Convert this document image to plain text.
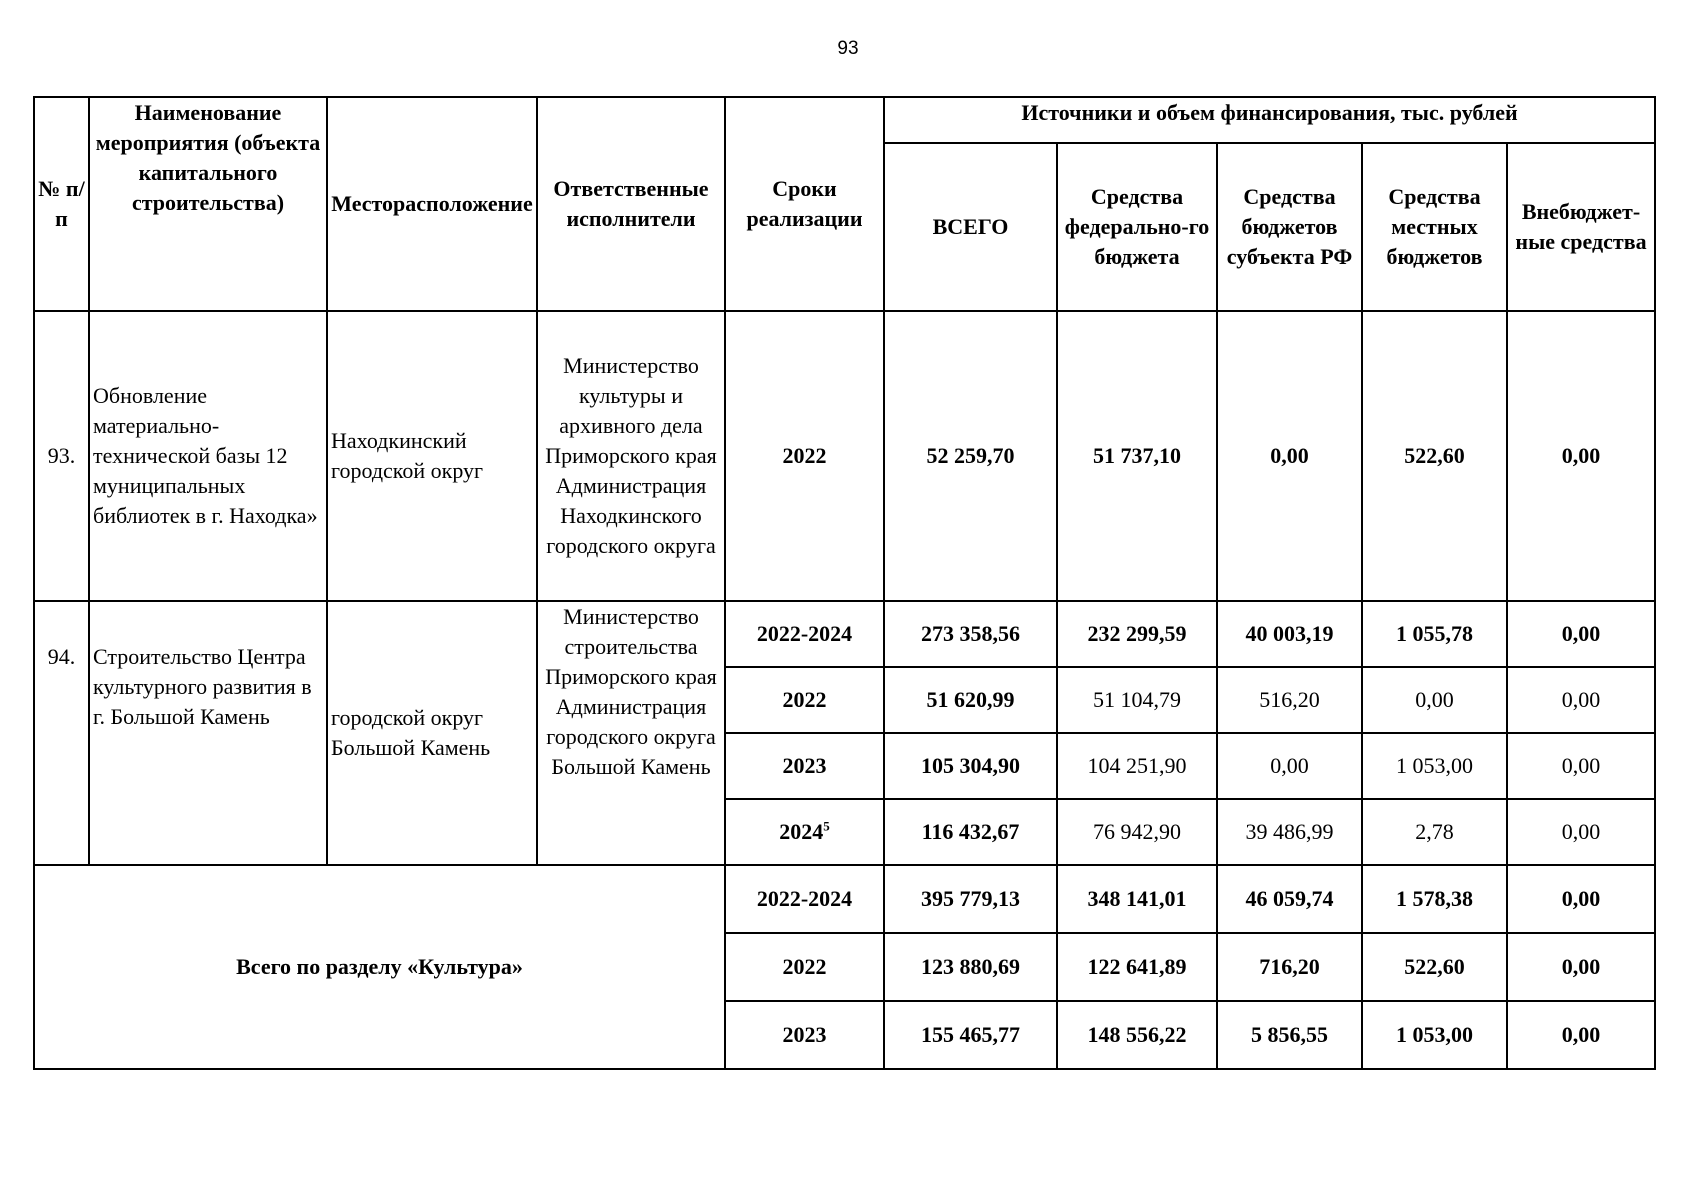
93
№ п/п	Наименование мероприятия (объекта капитального строительства)	Месторасположение	Ответственные исполнители	Сроки реализации	Источники и объем финансирования, тыс. рублей				
					ВСЕГО	Средства федерально-го бюджета	Средства бюджетов субъекта РФ	Средства местных бюджетов	Внебюджет-ные средства
93.	Обновление материально-технической базы 12 муниципальных библиотек в г. Находка»	Находкинский городской округ	Министерство культуры и архивного дела Приморского края Администрация Находкинского городского округа	2022	52 259,70	51 737,10	0,00	522,60	0,00
94.	Строительство Центра культурного развития в г. Большой Камень	городской округ Большой Камень	Министерство строительства Приморского края Администрация городского округа Большой Камень	2022-2024	273 358,56	232 299,59	40 003,19	1 055,78	0,00
				2022	51 620,99	51 104,79	516,20	0,00	0,00
				2023	105 304,90	104 251,90	0,00	1 053,00	0,00
				2024$^5$	116 432,67	76 942,90	39 486,99	2,78	0,00
Всего по разделу «Культура»				2022-2024	395 779,13	348 141,01	46 059,74	1 578,38	0,00
				2022	123 880,69	122 641,89	716,20	522,60	0,00
				2023	155 465,77	148 556,22	5 856,55	1 053,00	0,00
